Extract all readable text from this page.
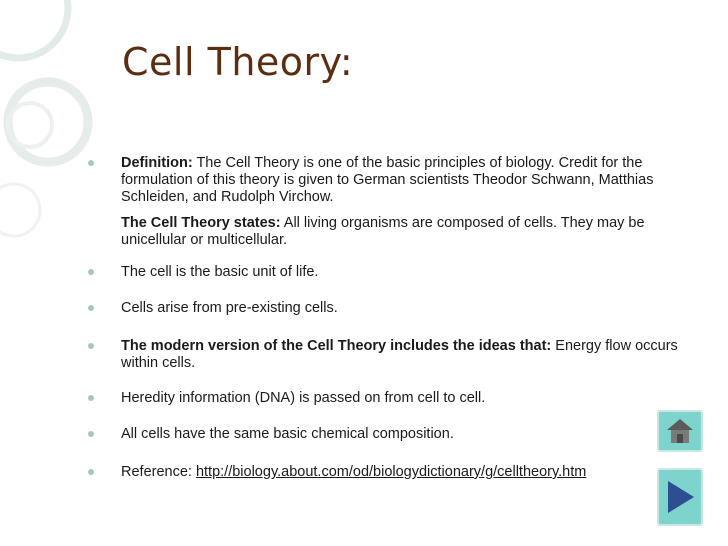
Cell Theory:
Definition: The Cell Theory is one of the basic principles of biology. Credit for the formulation of this theory is given to German scientists Theodor Schwann, Matthias Schleiden, and Rudolph Virchow.
The Cell Theory states: All living organisms are composed of cells. They may be unicellular or multicellular.
The cell is the basic unit of life.
Cells arise from pre-existing cells.
The modern version of the Cell Theory includes the ideas that: Energy flow occurs within cells.
Heredity information (DNA) is passed on from cell to cell.
All cells have the same basic chemical composition.
Reference: http://biology.about.com/od/biologydictionary/g/celltheory.htm
